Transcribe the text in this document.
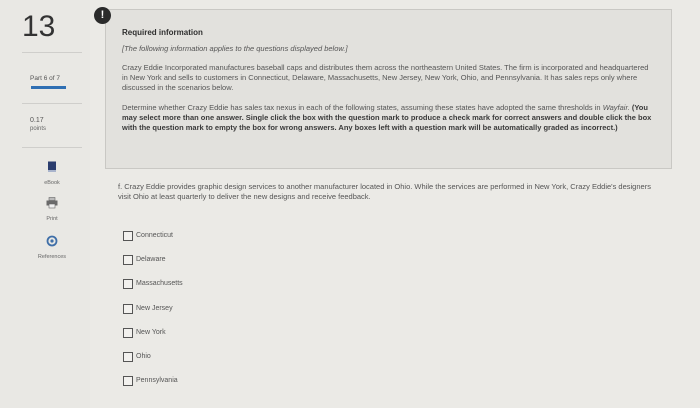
13
Part 6 of 7
0.17
points
eBook
Print
References
Required information
[The following information applies to the questions displayed below.]
Crazy Eddie Incorporated manufactures baseball caps and distributes them across the northeastern United States. The firm is incorporated and headquartered in New York and sells to customers in Connecticut, Delaware, Massachusetts, New Jersey, New York, Ohio, and Pennsylvania. It has sales reps only where discussed in the scenarios below.
Determine whether Crazy Eddie has sales tax nexus in each of the following states, assuming these states have adopted the same thresholds in Wayfair. (You may select more than one answer. Single click the box with the question mark to produce a check mark for correct answers and double click the box with the question mark to empty the box for wrong answers. Any boxes left with a question mark will be automatically graded as incorrect.)
!
f. Crazy Eddie provides graphic design services to another manufacturer located in Ohio. While the services are performed in New York, Crazy Eddie's designers visit Ohio at least quarterly to deliver the new designs and receive feedback.
Connecticut
Delaware
Massachusetts
New Jersey
New York
Ohio
Pennsylvania
